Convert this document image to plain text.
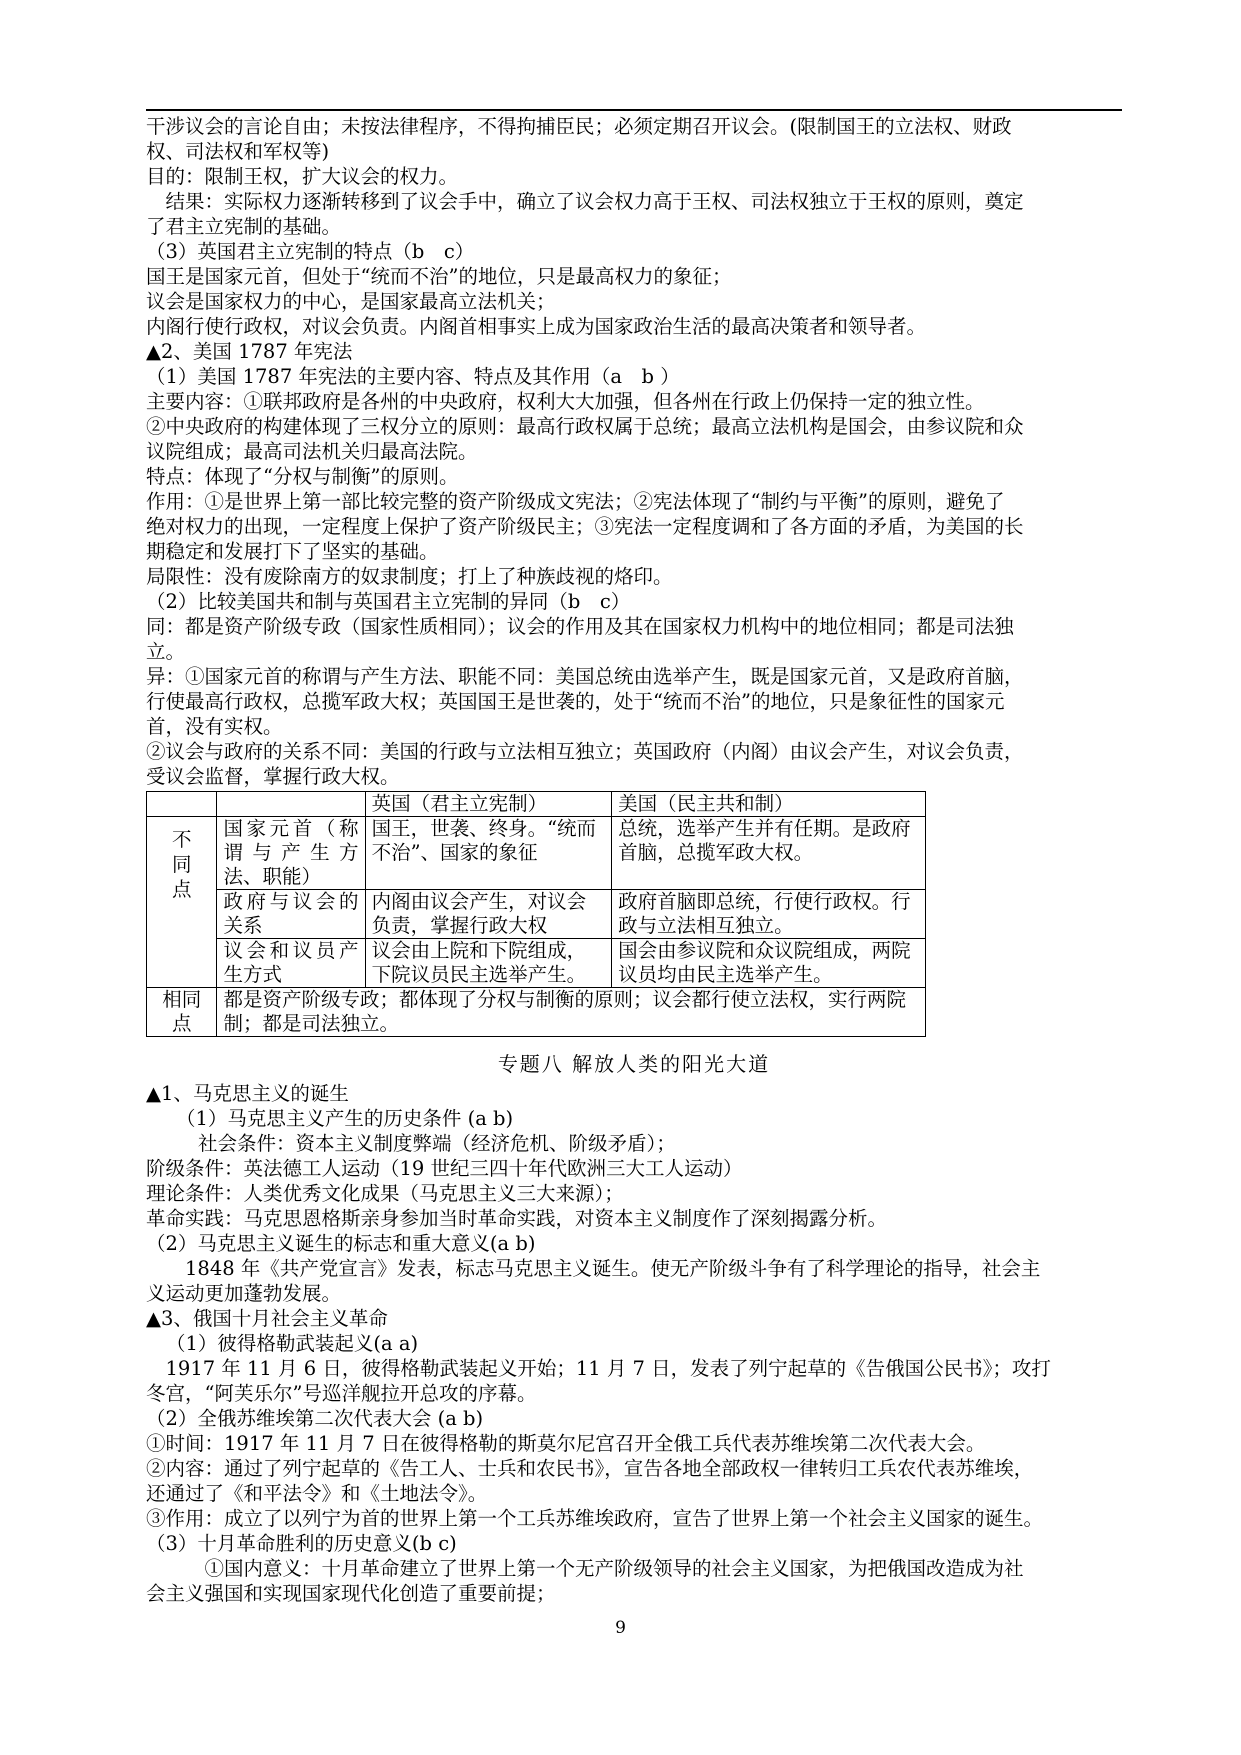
干涉议会的言论自由；未按法律程序，不得拘捕臣民；必须定期召开议会。(限制国王的立法权、财政
权、司法权和军权等)
目的：限制王权，扩大议会的权力。
　结果：实际权力逐渐转移到了议会手中，确立了议会权力高于王权、司法权独立于王权的原则，奠定
了君主立宪制的基础。
（3）英国君主立宪制的特点（b　c）
国王是国家元首，但处于“统而不治”的地位，只是最高权力的象征；
议会是国家权力的中心，是国家最高立法机关；
内阁行使行政权，对议会负责。内阁首相事实上成为国家政治生活的最高决策者和领导者。
▲2、美国 1787 年宪法
（1）美国 1787 年宪法的主要内容、特点及其作用（a　b ）
主要内容：①联邦政府是各州的中央政府，权利大大加强，但各州在行政上仍保持一定的独立性。
②中央政府的构建体现了三权分立的原则：最高行政权属于总统；最高立法机构是国会，由参议院和众
议院组成；最高司法机关归最高法院。
特点：体现了“分权与制衡”的原则。
作用：①是世界上第一部比较完整的资产阶级成文宪法；②宪法体现了“制约与平衡”的原则，避免了
绝对权力的出现，一定程度上保护了资产阶级民主；③宪法一定程度调和了各方面的矛盾，为美国的长
期稳定和发展打下了坚实的基础。
局限性：没有废除南方的奴隶制度；打上了种族歧视的烙印。
（2）比较美国共和制与英国君主立宪制的异同（b　c）
同：都是资产阶级专政（国家性质相同）；议会的作用及其在国家权力机构中的地位相同；都是司法独
立。
异：①国家元首的称谓与产生方法、职能不同：美国总统由选举产生，既是国家元首，又是政府首脑，
行使最高行政权，总揽军政大权；英国国王是世袭的，处于“统而不治”的地位，只是象征性的国家元
首，没有实权。
②议会与政府的关系不同：美国的行政与立法相互独立；英国政府（内阁）由议会产生，对议会负责，
受议会监督，掌握行政大权。
		英国（君主立宪制）	美国（民主共和制）
不同点	国家元首（称谓与产生方法、职能）	国王，世袭、终身。“统而不治”、国家的象征	总统，选举产生并有任期。是政府首脑，总揽军政大权。
	政府与议会的关系	内阁由议会产生，对议会负责，掌握行政大权	政府首脑即总统，行使行政权。行政与立法相互独立。
	议会和议员产生方式	议会由上院和下院组成，下院议员民主选举产生。	国会由参议院和众议院组成，两院议员均由民主选举产生。
相同点	都是资产阶级专政；都体现了分权与制衡的原则；议会都行使立法权，实行两院制；都是司法独立。		
专题八 解放人类的阳光大道
▲1、马克思主义的诞生
（1）马克思主义产生的历史条件 (a b)
社会条件：资本主义制度弊端（经济危机、阶级矛盾）；
阶级条件：英法德工人运动（19 世纪三四十年代欧洲三大工人运动）
理论条件：人类优秀文化成果（马克思主义三大来源）；
革命实践：马克思恩格斯亲身参加当时革命实践，对资本主义制度作了深刻揭露分析。
（2）马克思主义诞生的标志和重大意义(a b)
　　1848 年《共产党宣言》发表，标志马克思主义诞生。使无产阶级斗争有了科学理论的指导，社会主
义运动更加蓬勃发展。
▲3、俄国十月社会主义革命
（1）彼得格勒武装起义(a a)
　1917 年 11 月 6 日，彼得格勒武装起义开始；11 月 7 日，发表了列宁起草的《告俄国公民书》；攻打
冬宫，“阿芙乐尔”号巡洋舰拉开总攻的序幕。
（2）全俄苏维埃第二次代表大会 (a b)
①时间：1917 年 11 月 7 日在彼得格勒的斯莫尔尼宫召开全俄工兵代表苏维埃第二次代表大会。
②内容：通过了列宁起草的《告工人、士兵和农民书》，宣告各地全部政权一律转归工兵农代表苏维埃，
还通过了《和平法令》和《土地法令》。
③作用：成立了以列宁为首的世界上第一个工兵苏维埃政府，宣告了世界上第一个社会主义国家的诞生。
（3）十月革命胜利的历史意义(b c)
　　　①国内意义：十月革命建立了世界上第一个无产阶级领导的社会主义国家，为把俄国改造成为社
会主义强国和实现国家现代化创造了重要前提；
9
